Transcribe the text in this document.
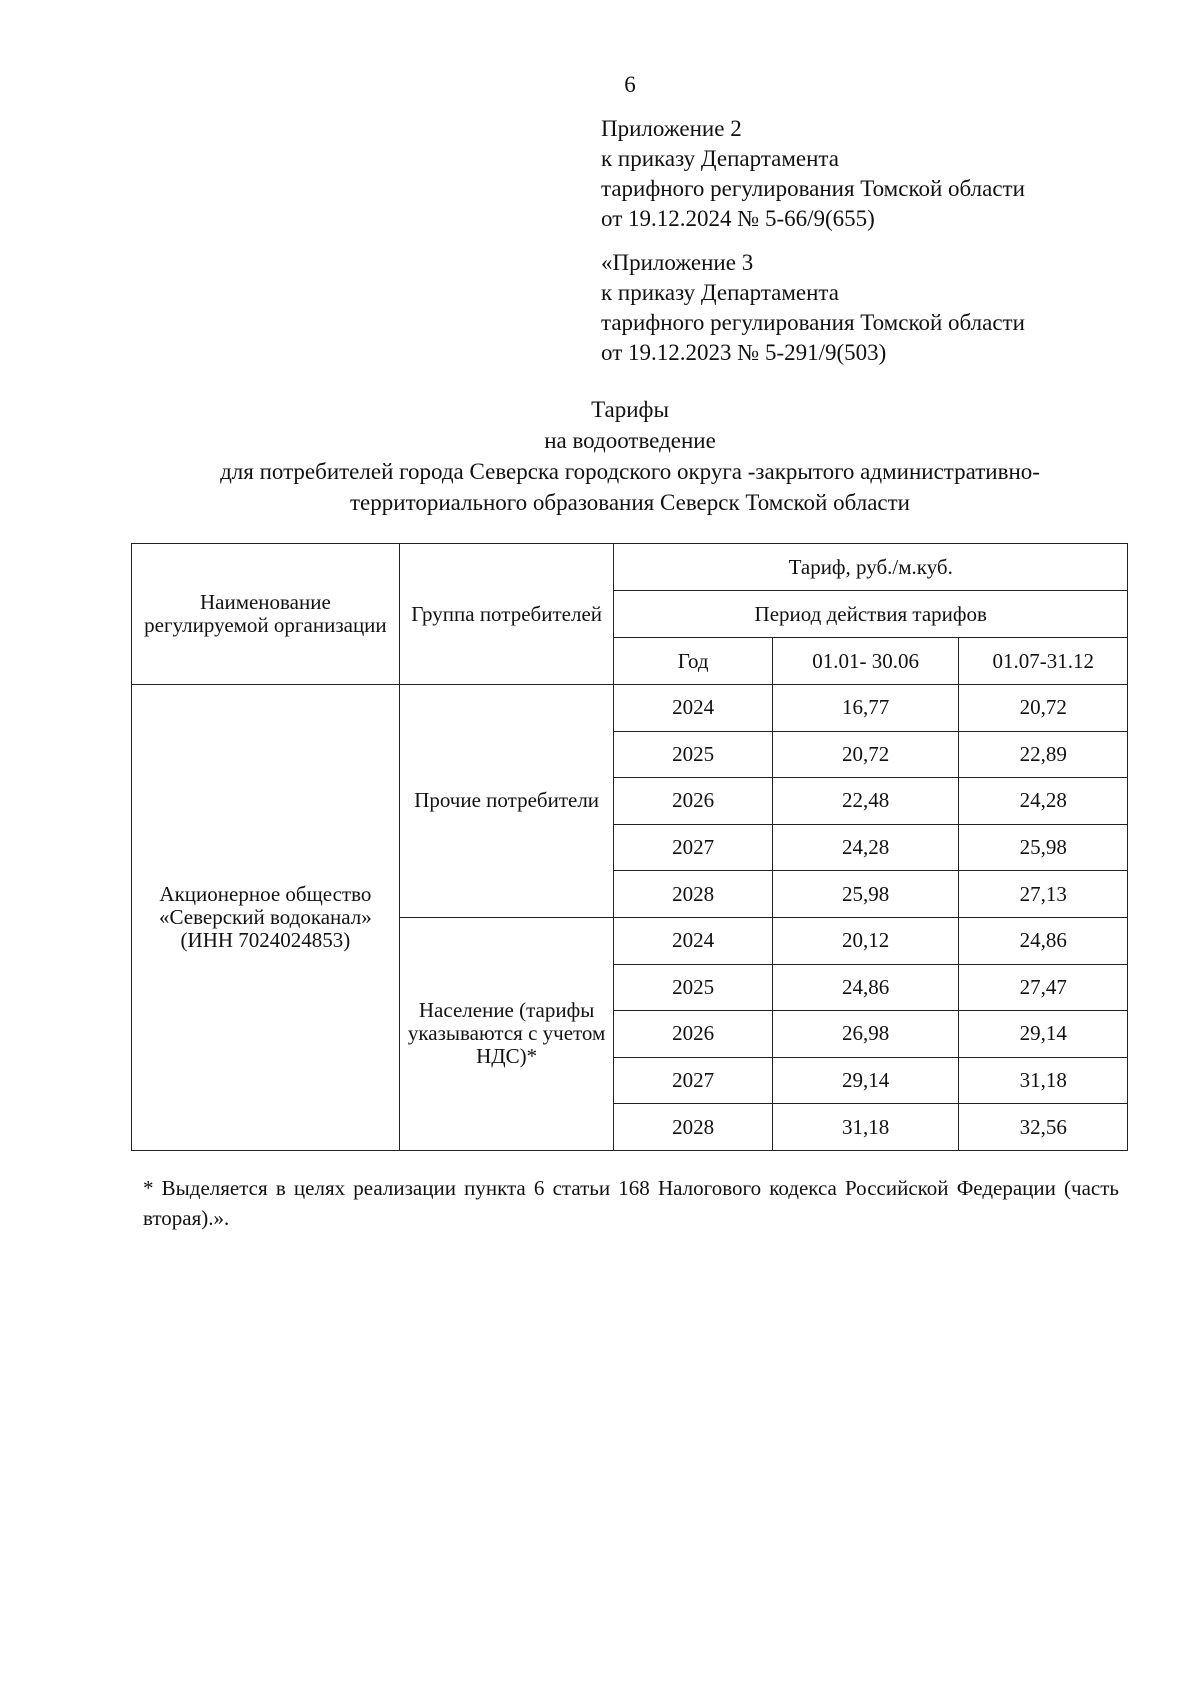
6
Приложение 2
к приказу Департамента
тарифного регулирования Томской области
от 19.12.2024 № 5-66/9(655)
«Приложение 3
к приказу Департамента
тарифного регулирования Томской области
от 19.12.2023 № 5-291/9(503)
Тарифы
на водоотведение
для потребителей города Северска городского округа -закрытого административно-
территориального образования Северск Томской области
Наименование регулируемой организации	Группа потребителей	Тариф, руб./м.куб.		
		Период действия тарифов		
		Год	01.01- 30.06	01.07-31.12
Акционерное общество «Северский водоканал» (ИНН 7024024853)	Прочие потребители	2024	16,77	20,72
		2025	20,72	22,89
		2026	22,48	24,28
		2027	24,28	25,98
		2028	25,98	27,13
	Население (тарифы указываются с учетом НДС)*	2024	20,12	24,86
		2025	24,86	27,47
		2026	26,98	29,14
		2027	29,14	31,18
		2028	31,18	32,56
* Выделяется в целях реализации пункта 6 статьи 168 Налогового кодекса Российской Федерации (часть вторая).».
